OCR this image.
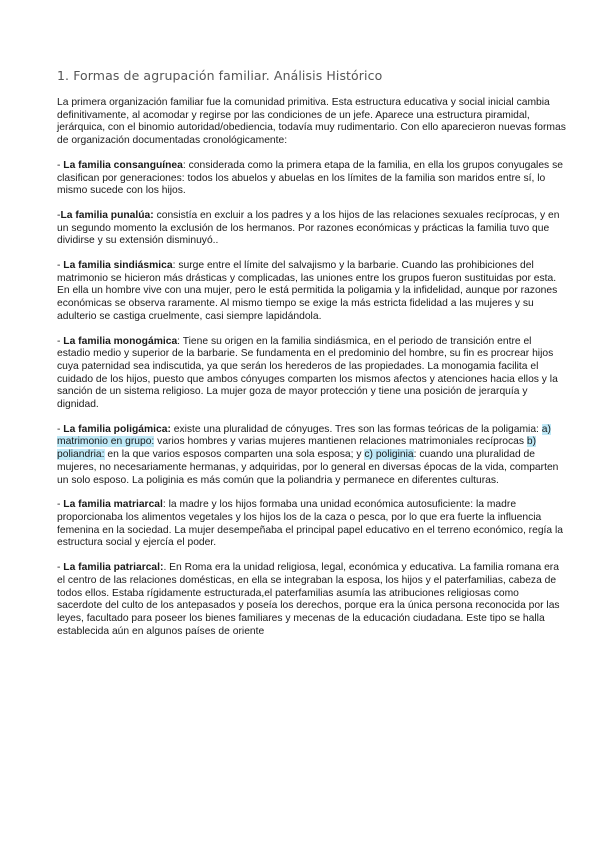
1. Formas de agrupación familiar. Análisis Histórico

La primera organización familiar fue la comunidad primitiva. Esta estructura educativa y social inicial cambia definitivamente, al acomodar y regirse por las condiciones de un jefe. Aparece una estructura piramidal, jerárquica, con el binomio autoridad/obediencia, todavía muy rudimentario. Con ello aparecieron nuevas formas de organización documentadas cronológicamente:

- La familia consanguínea: considerada como la primera etapa de la familia, en ella los grupos conyugales se clasifican por generaciones: todos los abuelos y abuelas en los límites de la familia son maridos entre sí, lo mismo sucede con los hijos.

-La familia punalúa: consistía en excluir a los padres y a los hijos de las relaciones sexuales recíprocas, y en un segundo momento la exclusión de los hermanos. Por razones económicas y prácticas la familia tuvo que dividirse y su extensión disminuyó..

- La familia sindiásmica: surge entre el límite del salvajismo y la barbarie. Cuando las prohibiciones del matrimonio se hicieron más drásticas y complicadas, las uniones entre los grupos fueron sustituidas por esta. En ella un hombre vive con una mujer, pero le está permitida la poligamia y la infidelidad, aunque por razones económicas se observa raramente. Al mismo tiempo se exige la más estricta fidelidad a las mujeres y su adulterio se castiga cruelmente, casi siempre lapidándola.

- La familia monogámica: Tiene su origen en la familia sindiásmica, en el periodo de transición entre el estadio medio y superior de la barbarie. Se fundamenta en el predominio del hombre, su fin es procrear hijos cuya paternidad sea indiscutida, ya que serán los herederos de las propiedades. La monogamia facilita el cuidado de los hijos, puesto que ambos cónyuges comparten los mismos afectos y atenciones hacia ellos y la sanción de un sistema religioso. La mujer goza de mayor protección y tiene una posición de jerarquía y dignidad.

- La familia poligámica: existe una pluralidad de cónyuges. Tres son las formas teóricas de la poligamia: a) matrimonio en grupo: varios hombres y varias mujeres mantienen relaciones matrimoniales recíprocas b) poliandria: en la que varios esposos comparten una sola esposa; y c) poliginia: cuando una pluralidad de mujeres, no necesariamente hermanas, y adquiridas, por lo general en diversas épocas de la vida, comparten un solo esposo. La poliginia es más común que la poliandria y permanece en diferentes culturas.

- La familia matriarcal: la madre y los hijos formaba una unidad económica autosuficiente: la madre proporcionaba los alimentos vegetales y los hijos los de la caza o pesca, por lo que era fuerte la influencia femenina en la sociedad. La mujer desempeñaba el principal papel educativo en el terreno económico, regía la estructura social y ejercía el poder.

- La familia patriarcal:. En Roma era la unidad religiosa, legal, económica y educativa. La familia romana era el centro de las relaciones domésticas, en ella se integraban la esposa, los hijos y el paterfamilias, cabeza de todos ellos. Estaba rígidamente estructurada,el paterfamilias asumía las atribuciones religiosas como sacerdote del culto de los antepasados y poseía los derechos, porque era la única persona reconocida por las leyes, facultado para poseer los bienes familiares y mecenas de la educación ciudadana. Este tipo se halla establecida aún en algunos países de oriente
